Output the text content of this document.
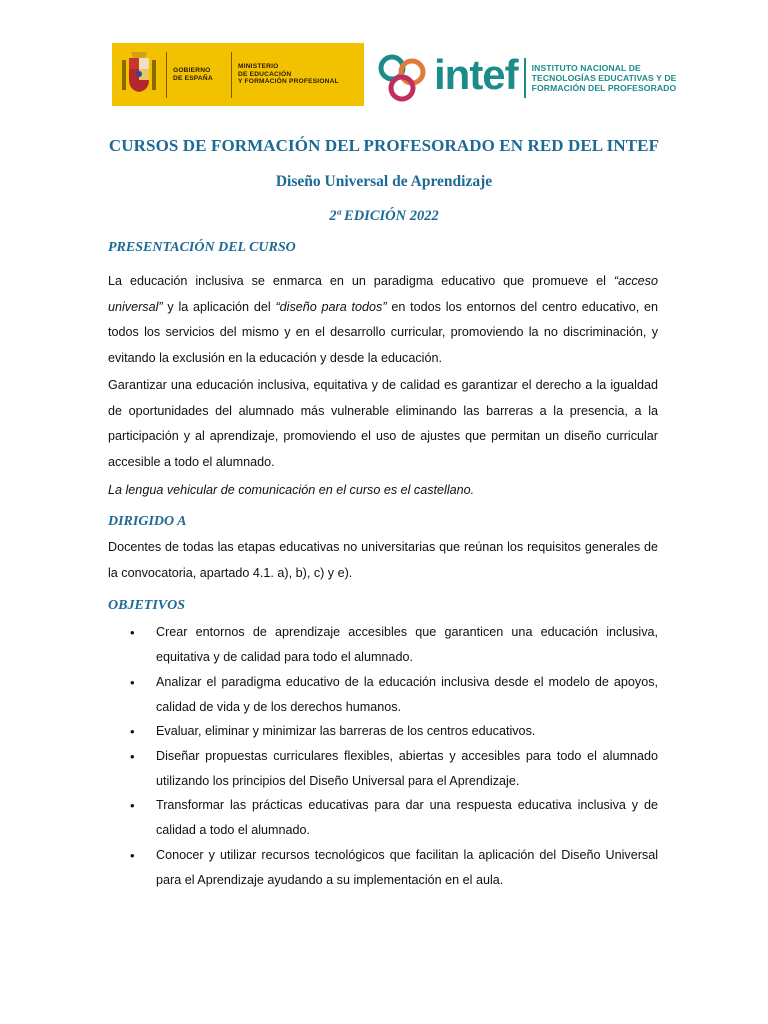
GOBIERNO
DE ESPAÑA
MINISTERIO
DE EDUCACIÓN
Y FORMACIÓN PROFESIONAL intef INSTITUTO NACIONAL DE
TECNOLOGÍAS EDUCATIVAS Y DE
FORMACIÓN DEL PROFESORADO
CURSOS DE FORMACIÓN DEL PROFESORADO EN RED DEL INTEF
Diseño Universal de Aprendizaje
2ª EDICIÓN 2022
PRESENTACIÓN DEL CURSO
La educación inclusiva se enmarca en un paradigma educativo que promueve el “acceso universal” y la aplicación del “diseño para todos” en todos los entornos del centro educativo, en todos los servicios del mismo y en el desarrollo curricular, promoviendo la no discriminación, y evitando la exclusión en la educación y desde la educación.
Garantizar una educación inclusiva, equitativa y de calidad es garantizar el derecho a la igualdad de oportunidades del alumnado más vulnerable eliminando las barreras a la presencia, a la participación y al aprendizaje, promoviendo el uso de ajustes que permitan un diseño curricular accesible a todo el alumnado.
La lengua vehicular de comunicación en el curso es el castellano.
DIRIGIDO A
Docentes de todas las etapas educativas no universitarias que reúnan los requisitos generales de la convocatoria, apartado 4.1. a), b), c) y e).
OBJETIVOS
• Crear entornos de aprendizaje accesibles que garanticen una educación inclusiva, equitativa y de calidad para todo el alumnado.
• Analizar el paradigma educativo de la educación inclusiva desde el modelo de apoyos, calidad de vida y de los derechos humanos.
• Evaluar, eliminar y minimizar las barreras de los centros educativos.
• Diseñar propuestas curriculares flexibles, abiertas y accesibles para todo el alumnado utilizando los principios del Diseño Universal para el Aprendizaje.
• Transformar las prácticas educativas para dar una respuesta educativa inclusiva y de calidad a todo el alumnado.
• Conocer y utilizar recursos tecnológicos que facilitan la aplicación del Diseño Universal para el Aprendizaje ayudando a su implementación en el aula.
